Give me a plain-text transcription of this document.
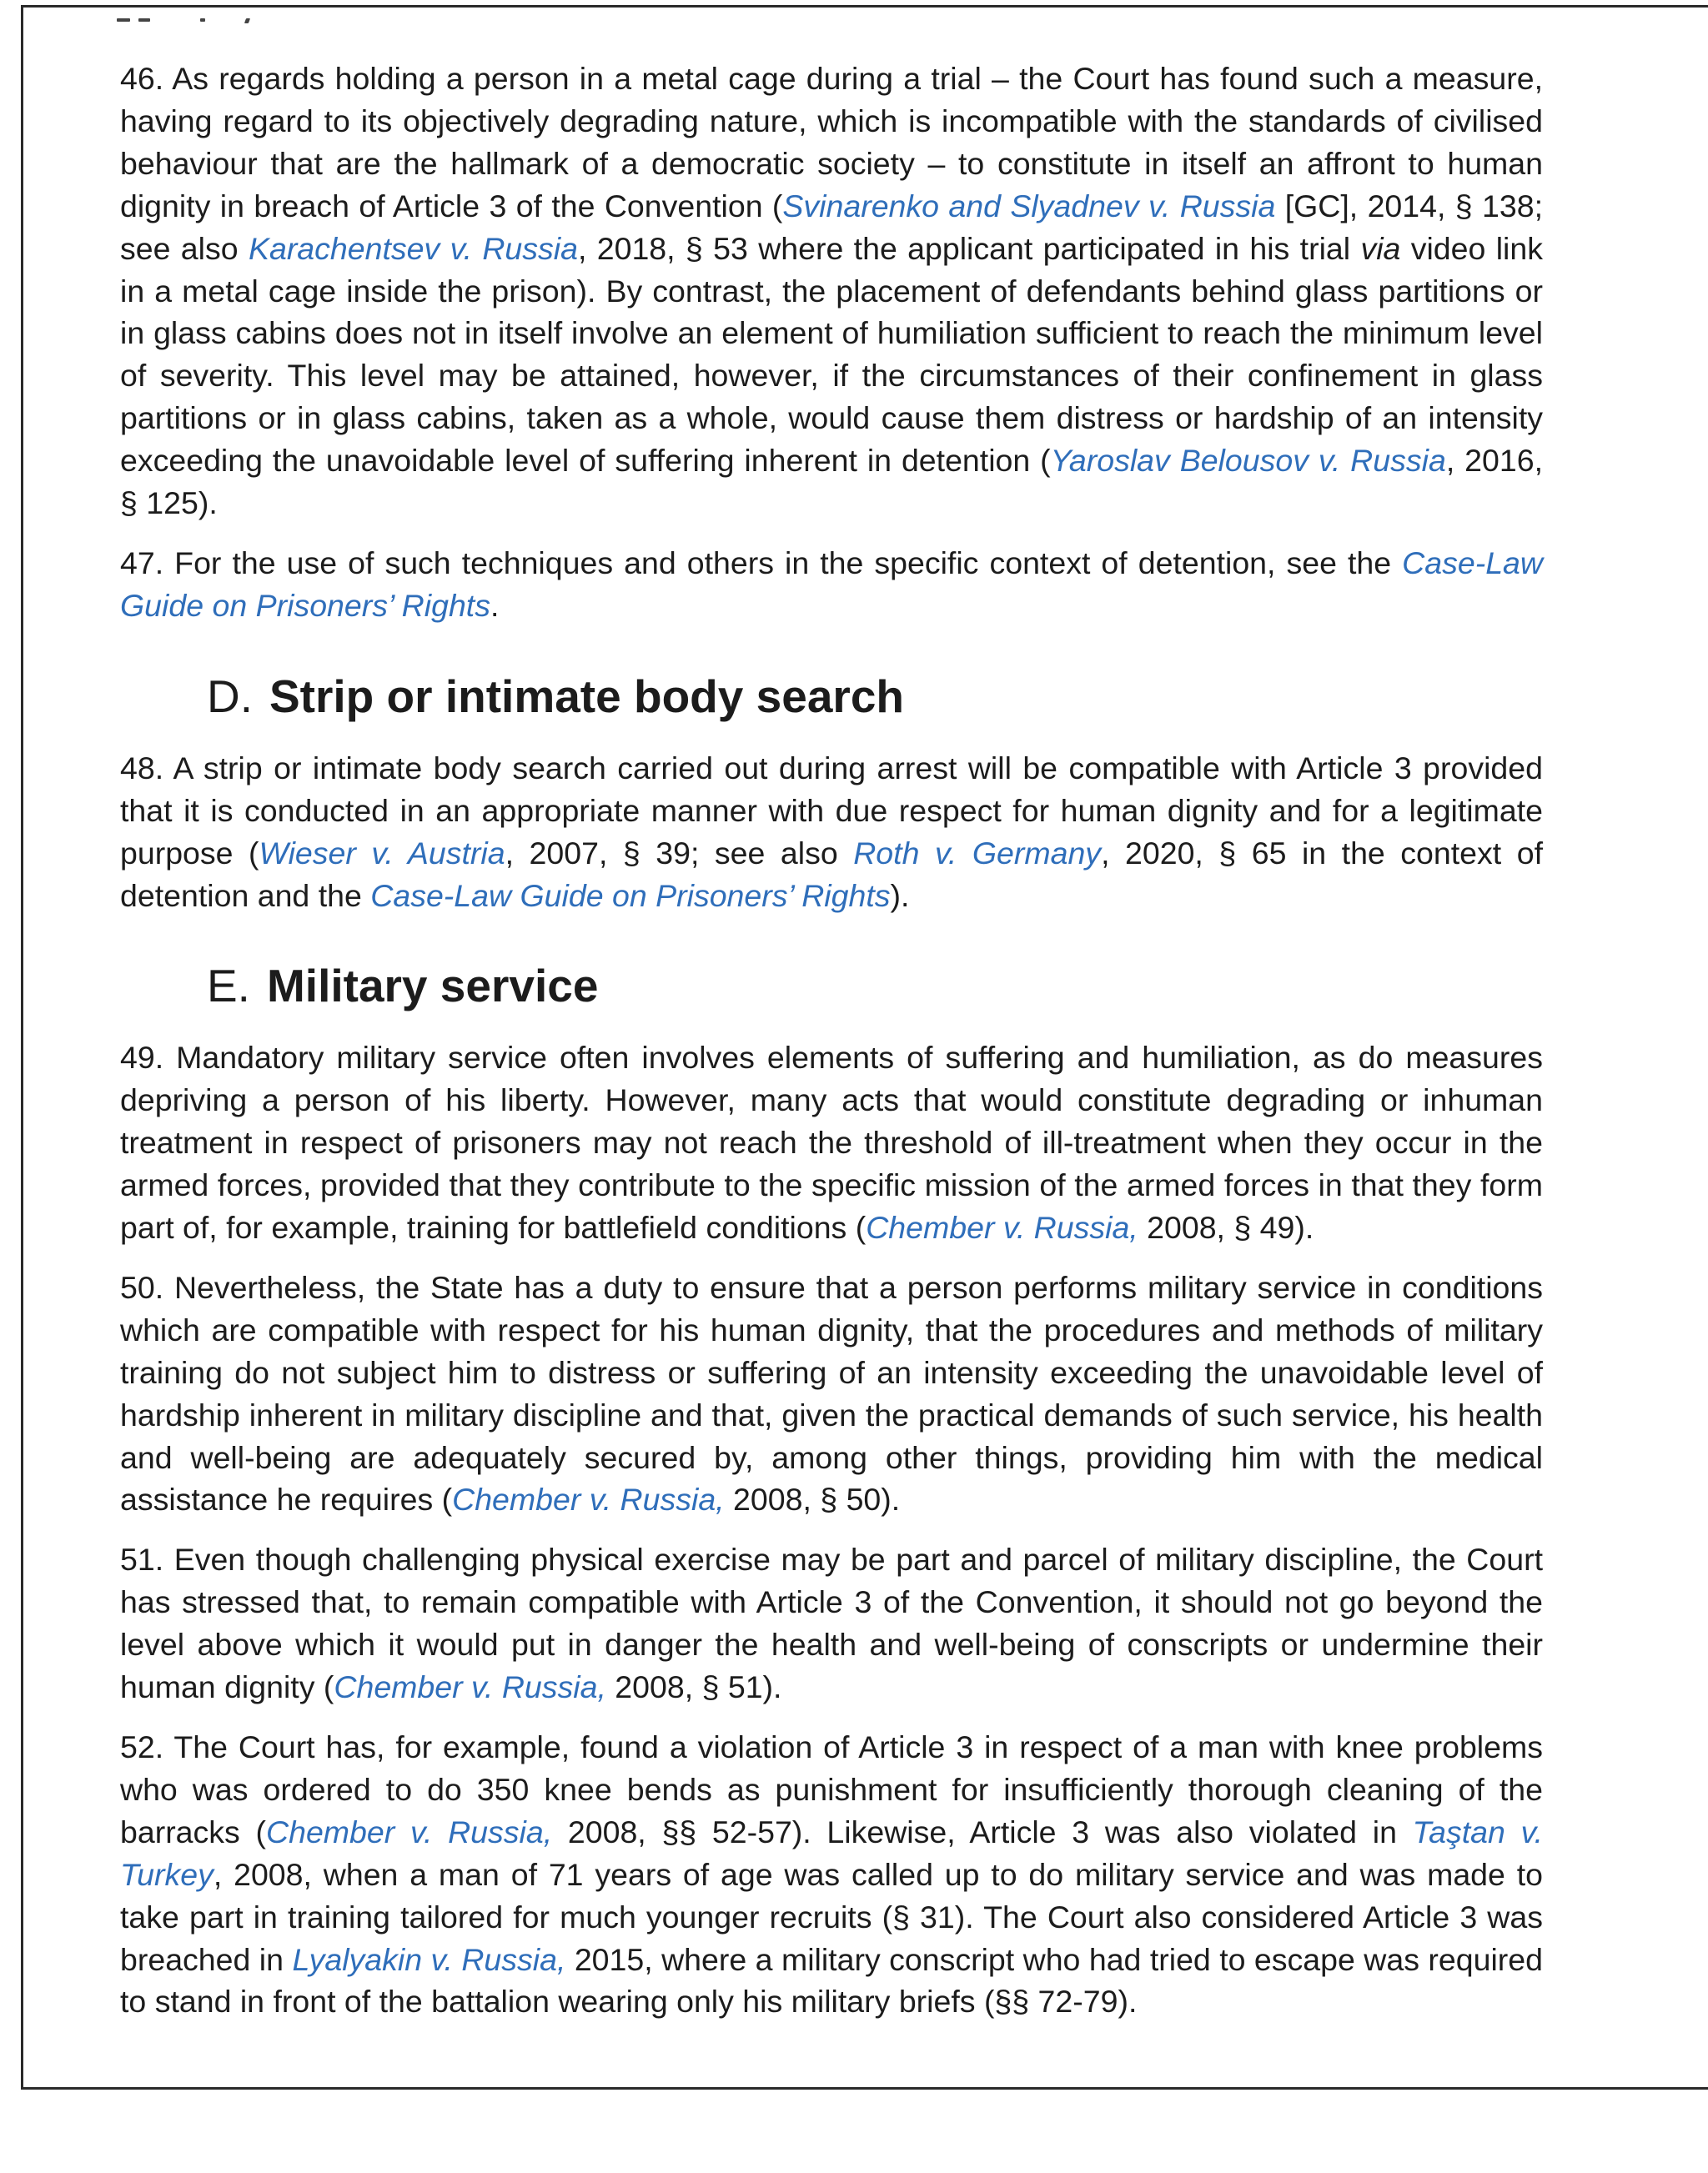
46. As regards holding a person in a metal cage during a trial – the Court has found such a measure, having regard to its objectively degrading nature, which is incompatible with the standards of civilised behaviour that are the hallmark of a democratic society – to constitute in itself an affront to human dignity in breach of Article 3 of the Convention (Svinarenko and Slyadnev v. Russia [GC], 2014, § 138; see also Karachentsev v. Russia, 2018, § 53 where the applicant participated in his trial via video link in a metal cage inside the prison). By contrast, the placement of defendants behind glass partitions or in glass cabins does not in itself involve an element of humiliation sufficient to reach the minimum level of severity. This level may be attained, however, if the circumstances of their confinement in glass partitions or in glass cabins, taken as a whole, would cause them distress or hardship of an intensity exceeding the unavoidable level of suffering inherent in detention (Yaroslav Belousov v. Russia, 2016, § 125).

47. For the use of such techniques and others in the specific context of detention, see the Case-Law Guide on Prisoners’ Rights.

D. Strip or intimate body search

48. A strip or intimate body search carried out during arrest will be compatible with Article 3 provided that it is conducted in an appropriate manner with due respect for human dignity and for a legitimate purpose (Wieser v. Austria, 2007, § 39; see also Roth v. Germany, 2020, § 65 in the context of detention and the Case-Law Guide on Prisoners’ Rights).

E. Military service

49. Mandatory military service often involves elements of suffering and humiliation, as do measures depriving a person of his liberty. However, many acts that would constitute degrading or inhuman treatment in respect of prisoners may not reach the threshold of ill-treatment when they occur in the armed forces, provided that they contribute to the specific mission of the armed forces in that they form part of, for example, training for battlefield conditions (Chember v. Russia, 2008, § 49).

50. Nevertheless, the State has a duty to ensure that a person performs military service in conditions which are compatible with respect for his human dignity, that the procedures and methods of military training do not subject him to distress or suffering of an intensity exceeding the unavoidable level of hardship inherent in military discipline and that, given the practical demands of such service, his health and well-being are adequately secured by, among other things, providing him with the medical assistance he requires (Chember v. Russia, 2008, § 50).

51. Even though challenging physical exercise may be part and parcel of military discipline, the Court has stressed that, to remain compatible with Article 3 of the Convention, it should not go beyond the level above which it would put in danger the health and well-being of conscripts or undermine their human dignity (Chember v. Russia, 2008, § 51).

52. The Court has, for example, found a violation of Article 3 in respect of a man with knee problems who was ordered to do 350 knee bends as punishment for insufficiently thorough cleaning of the barracks (Chember v. Russia, 2008, §§ 52-57). Likewise, Article 3 was also violated in Taştan v. Turkey, 2008, when a man of 71 years of age was called up to do military service and was made to take part in training tailored for much younger recruits (§ 31). The Court also considered Article 3 was breached in Lyalyakin v. Russia, 2015, where a military conscript who had tried to escape was required to stand in front of the battalion wearing only his military briefs (§§ 72-79).
